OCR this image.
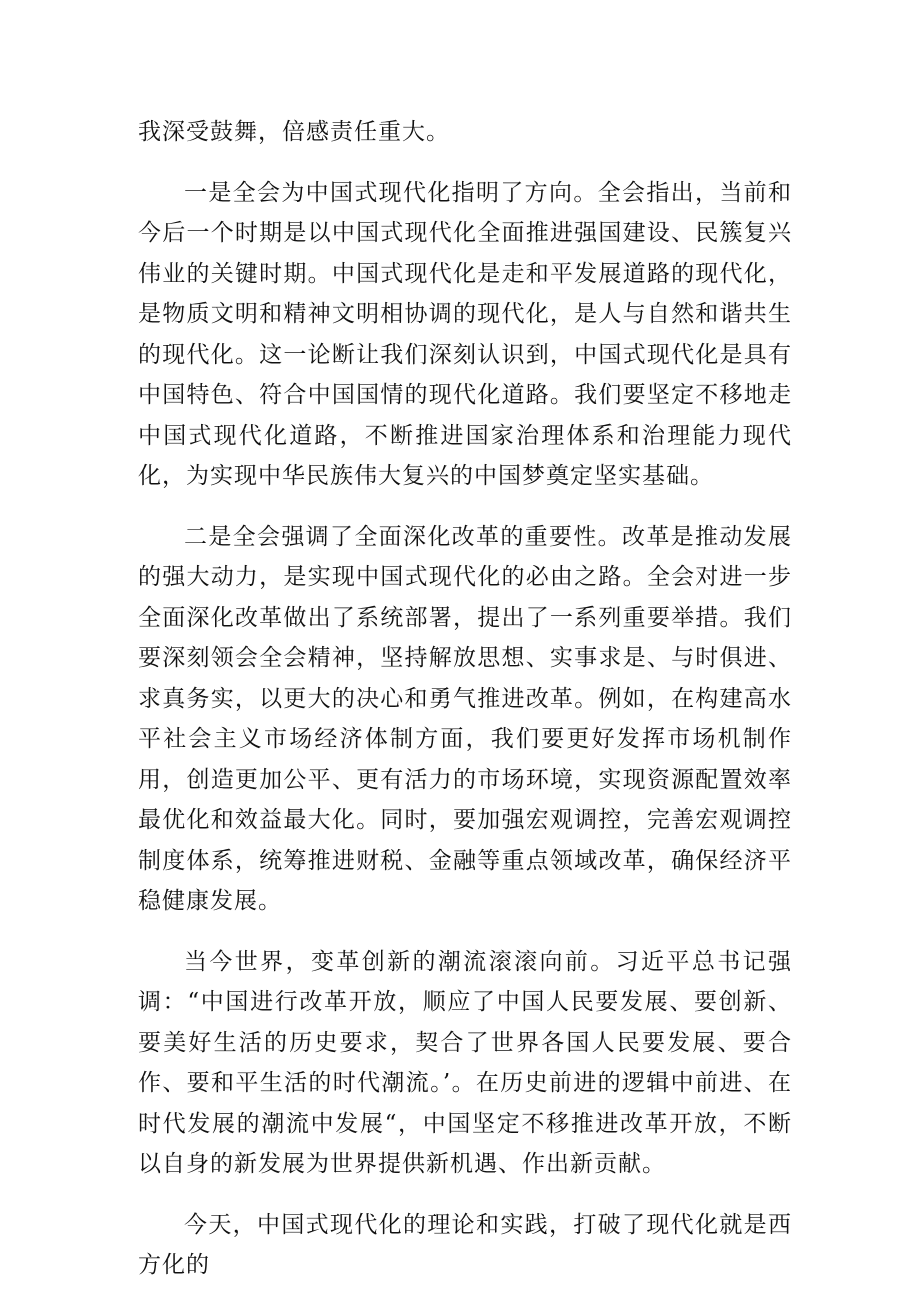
我深受鼓舞，倍感责任重大。

一是全会为中国式现代化指明了方向。全会指出，当前和今后一个时期是以中国式现代化全面推进强国建设、民簇复兴伟业的关键时期。中国式现代化是走和平发展道路的现代化，是物质文明和精神文明相协调的现代化，是人与自然和谐共生的现代化。这一论断让我们深刻认识到，中国式现代化是具有中国特色、符合中国国情的现代化道路。我们要坚定不移地走中国式现代化道路，不断推进国家治理体系和治理能力现代化，为实现中华民族伟大复兴的中国梦奠定坚实基础。

二是全会强调了全面深化改革的重要性。改革是推动发展的强大动力，是实现中国式现代化的必由之路。全会对进一步全面深化改革做出了系统部署，提出了一系列重要举措。我们要深刻领会全会精神，坚持解放思想、实事求是、与时俱进、求真务实，以更大的决心和勇气推进改革。例如，在构建高水平社会主义市场经济体制方面，我们要更好发挥市场机制作用，创造更加公平、更有活力的市场环境，实现资源配置效率最优化和效益最大化。同时，要加强宏观调控，完善宏观调控制度体系，统筹推进财税、金融等重点领域改革，确保经济平稳健康发展。

当今世界，变革创新的潮流滚滚向前。习近平总书记强调：“中国进行改革开放，顺应了中国人民要发展、要创新、要美好生活的历史要求，契合了世界各国人民要发展、要合作、要和平生活的时代潮流。’。在历史前进的逻辑中前进、在时代发展的潮流中发展“，中国坚定不移推进改革开放，不断以自身的新发展为世界提供新机遇、作出新贡献。

今天，中国式现代化的理论和实践，打破了现代化就是西方化的
